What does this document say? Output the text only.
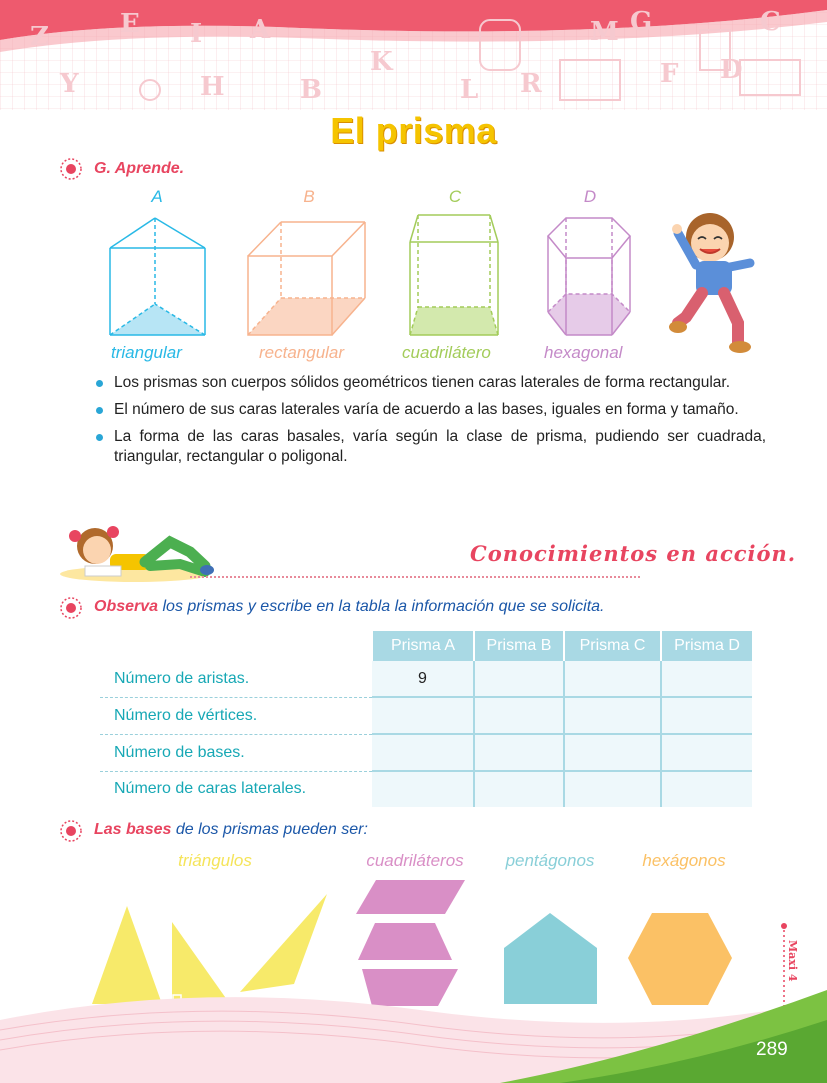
Z	E I A
Y	H	B
K
L R
M G
F D
C
El prisma
G. Aprende.
A	B	C	D
triangular	rectangular	cuadrilátero	hexagonal
Los prismas son cuerpos sólidos geométricos tienen caras laterales de forma rectangular.
El número de sus caras laterales varía de acuerdo a las bases, iguales en forma y tamaño.
La forma de las caras basales, varía según la clase de prisma, pudiendo ser cuadrada, triangular, rectangular o poligonal.
Conocimientos en acción.
Observa los prismas y escribe en la tabla la información que se solicita.
	Prisma A	Prisma B	Prisma C	Prisma D
Número de aristas.	9			
Número de vértices.				
Número de bases.				
Número de caras laterales.				
Las bases de los prismas pueden ser:
triángulos	cuadriláteros	pentágonos	hexágonos
Maxi 4
289
